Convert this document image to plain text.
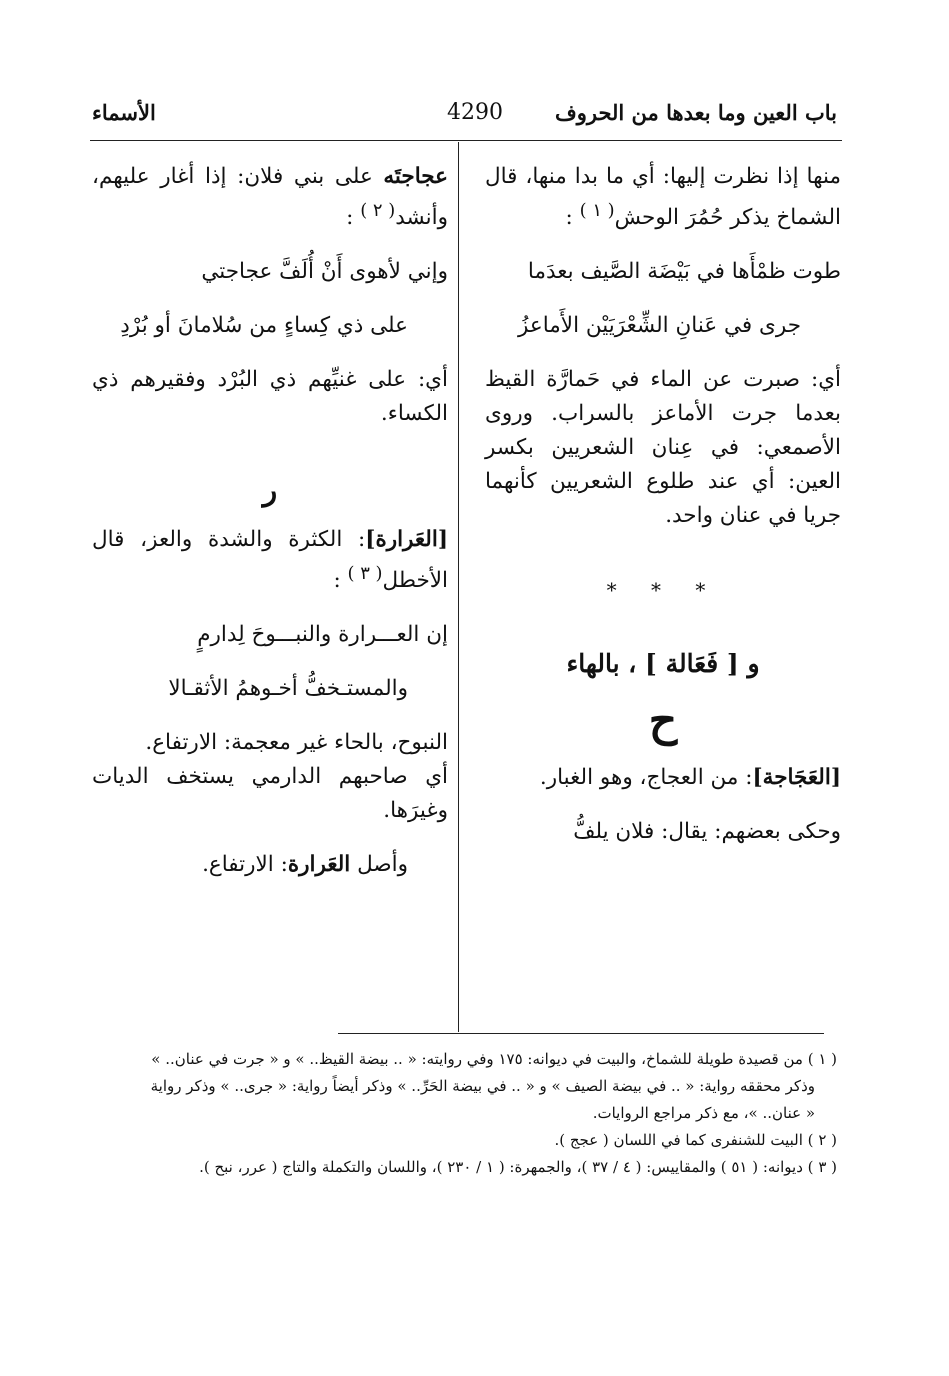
باب العين وما بعدها من الحروف
4290
الأسماء

منها إذا نظرت إليها: أي ما بدا منها، قال الشماخ يذكر حُمُرَ الوحش$^{( ١ )}$ :

طوت ظمْأَها في بَيْضَة الصَّيف بعدَما

جرى في عَنانِ الشِّعْرَيَيْن الأَماعزُ

أي: صبرت عن الماء في حَمارَّة القيظ بعدما جرت الأماعز بالسراب. وروى الأصمعي: في عِنان الشعريين بكسر العين: أي عند طلوع الشعريين كأنهما جريا في عنان واحد.

* * *

و [ فَعَالة ] ، بالهاء

ح

[العَجَاجة]: من العجاج، وهو الغبار.

وحكى بعضهم: يقال: فلان يلفُّ

عجاجتَه على بني فلان: إذا أغار عليهم، وأنشد$^{( ٢ )}$ :

وإني لأهوى أَنْ أُلَفَّ عجاجتي

على ذي كِساءٍ من سُلامانَ أو بُرْدِ

أي: على غنيِّهم ذي البُرْد وفقيرهم ذي الكساء.

ر

[العَرارة]: الكثرة والشدة والعز، قال الأخطل$^{( ٣ )}$ :

إن العـــرارة والنبـــوحَ لِدارمٍ

والمستـخفُّ أخـوهمُ الأثقـالا

النبوح، بالحاء غير معجمة: الارتفاع.

أي صاحبهم الدارمي يستخف الديات وغيرَها.

وأصل العَرارة: الارتفاع.

( ١ ) من قصيدة طويلة للشماخ، والبيت في ديوانه: ١٧٥ وفي روايته: « .. بيضة القيظ.. » و « جرت في عنان.. »

وذكر محققه رواية: « .. في بيضة الصيف » و « .. في بيضة الحَرِّ.. » وذكر أيضاً رواية: « جرى.. » وذكر رواية

« عنان.. »، مع ذكر مراجع الروايات.

( ٢ ) البيت للشنفرى كما في اللسان ( عجج ).

( ٣ ) ديوانه: ( ٥١ ) والمقاييس: ( ٤ / ٣٧ )، والجمهرة: ( ١ / ٢٣٠ )، واللسان والتكملة والتاج ( عرر، نبح ).
